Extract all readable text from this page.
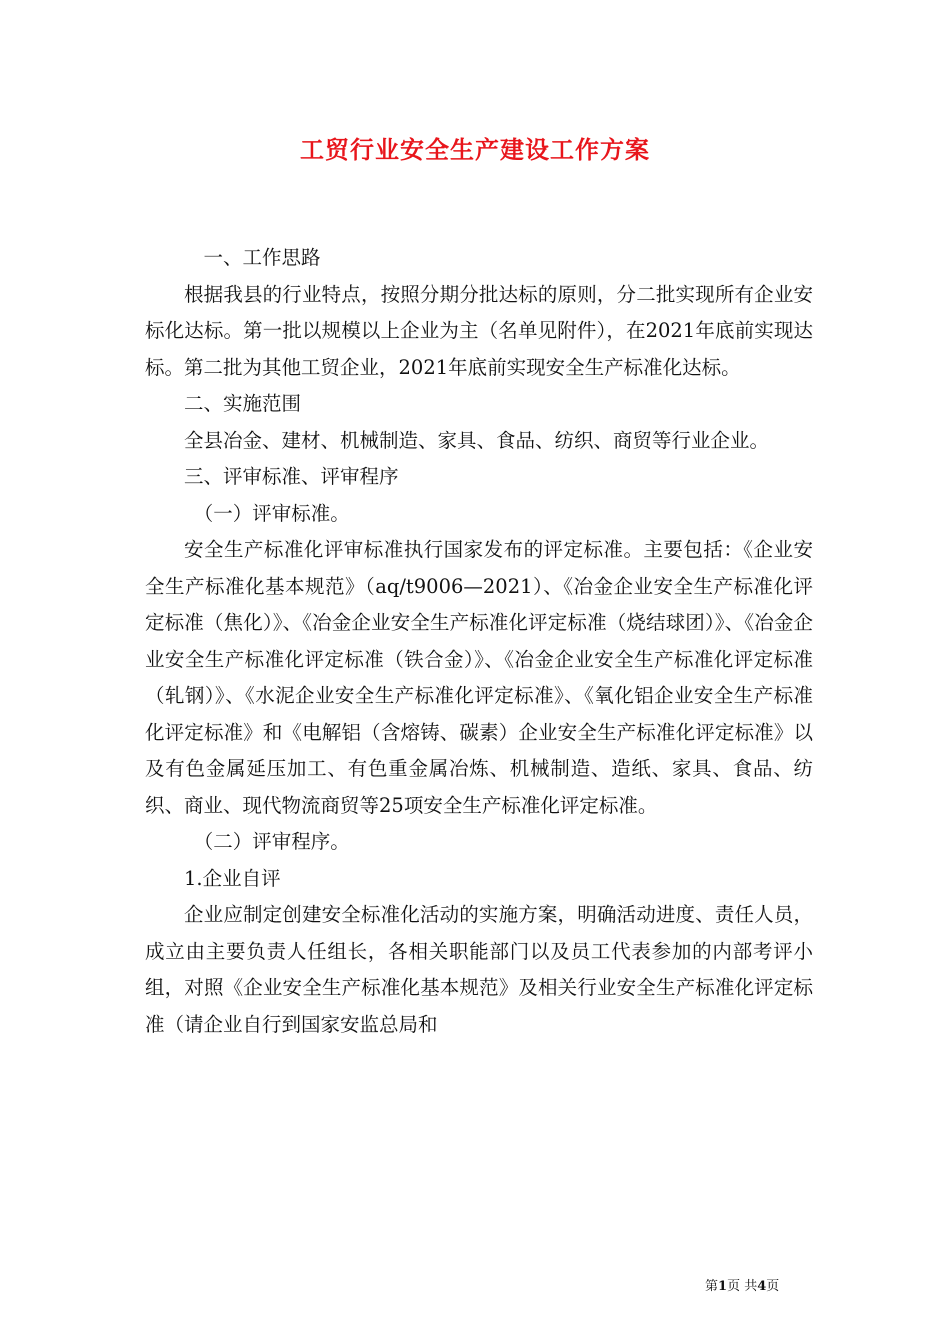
工贸行业安全生产建设工作方案

一、工作思路

根据我县的行业特点，按照分期分批达标的原则，分二批实现所有企业安标化达标。第一批以规模以上企业为主（名单见附件），在2021年底前实现达标。第二批为其他工贸企业，2021年底前实现安全生产标准化达标。

二、实施范围

全县冶金、建材、机械制造、家具、食品、纺织、商贸等行业企业。

三、评审标准、评审程序

（一）评审标准。

安全生产标准化评审标准执行国家发布的评定标准。主要包括：《企业安全生产标准化基本规范》（aq/t9006—2021）、《冶金企业安全生产标准化评定标准（焦化）》、《冶金企业安全生产标准化评定标准（烧结球团）》、《冶金企业安全生产标准化评定标准（铁合金）》、《冶金企业安全生产标准化评定标准（轧钢）》、《水泥企业安全生产标准化评定标准》、《氧化铝企业安全生产标准化评定标准》和《电解铝（含熔铸、碳素）企业安全生产标准化评定标准》以及有色金属延压加工、有色重金属冶炼、机械制造、造纸、家具、食品、纺织、商业、现代物流商贸等25项安全生产标准化评定标准。

（二）评审程序。

1.企业自评

企业应制定创建安全标准化活动的实施方案，明确活动进度、责任人员，成立由主要负责人任组长，各相关职能部门以及员工代表参加的内部考评小组，对照《企业安全生产标准化基本规范》及相关行业安全生产标准化评定标准（请企业自行到国家安监总局和

第1页 共4页
